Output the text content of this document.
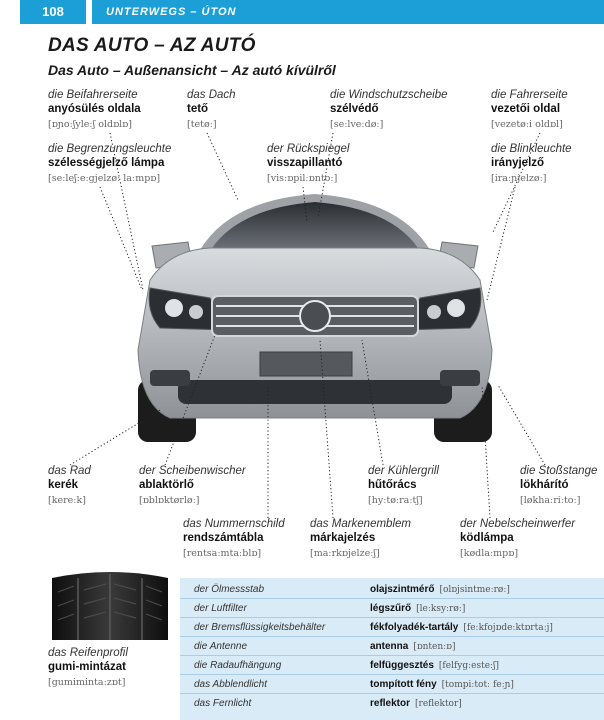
108	UNTERWEGS – ÚTON
DAS AUTO – AZ AUTÓ
Das Auto – Außenansicht – Az autó kívülről
die Beifahrerseite
anyósülés oldala
[ɒɲoːʃyleːʃ oldɒlɒ]
das Dach
tető
[tetøː]
die Windschutzscheibe
szélvédő
[seːlveːdøː]
die Fahrerseite
vezetői oldal
[vezetøːi oldɒl]
die Begrenzungsleuchte
szélességjelző lámpa
[seːleʃ:eːgjelzøː laːmpɒ]
der Rückspiegel
visszapillantó
[visːɒpilːɒntoː]
die Blinkleuchte
irányjelző
[iraːɲjelzøː]
das Rad
kerék
[kereːk]
der Scheibenwischer
ablaktörlő
[ɒblɒktørløː]
der Kühlergrill
hűtőrács
[hyːtøːraːtʃ]
die Stoßstange
lökhárító
[løkhaːriːtoː]
das Nummernschild
rendszámtábla
[rentsaːmtaːblɒ]
das Markenemblem
márkajelzés
[maːrkɒjelzeːʃ]
der Nebelscheinwerfer
ködlámpa
[kødlaːmpɒ]
das Reifenprofil
gumi-mintázat
[gumimintaːzɒt]
der Ölmessstab	olajszintmérő [olɒjsintmeːrøː]
der Luftfilter	légszűrő [leːksyːrøː]
der Bremsflüssigkeitsbehälter	fékfolyadék-tartály [feːkfojɒdeːktɒrtaːj]
die Antenne	antenna [ɒntenːɒ]
die Radaufhängung	felfüggesztés [felfygːesteːʃ]
das Abblendlicht	tompított fény [tompiːtotː feːɲ]
das Fernlicht	reflektor [reflektor]
